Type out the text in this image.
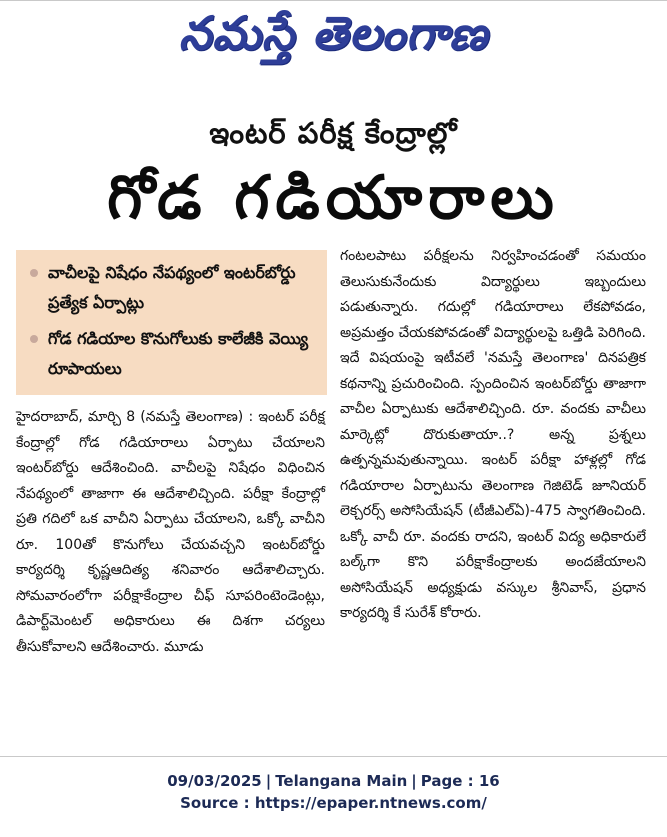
నమస్తే తెలంగాణ
ఇంటర్ పరీక్ష కేంద్రాల్లో
గోడ గడియారాలు
వాచీలపై నిషేధం నేపథ్యంలో ఇంటర్‌బోర్డు ప్రత్యేక ఏర్పాట్లు
గోడ గడియాల కొనుగోలుకు కాలేజీకి వెయ్యి రూపాయలు

హైదరాబాద్, మార్చి 8 (నమస్తే తెలంగాణ) : ఇంటర్ పరీక్ష కేంద్రాల్లో గోడ గడియారాలు ఏర్పాటు చేయాలని ఇంటర్‌బోర్డు ఆదేశించింది. వాచీలపై నిషేధం విధించిన నేపథ్యంలో తాజాగా ఈ ఆదేశాలిచ్చింది. పరీక్షా కేంద్రాల్లో ప్రతి గదిలో ఒక వాచీని ఏర్పాటు చేయాలని, ఒక్కో వాచీని రూ. 100తో కొనుగోలు చేయవచ్చని ఇంటర్‌బోర్డు కార్యదర్శి కృష్ణఆదిత్య శనివారం ఆదేశాలిచ్చారు. సోమవారంలోగా పరీక్షాకేంద్రాల చీఫ్ సూపరింటెండెంట్లు, డిపార్ట్‌మెంటల్ అధికారులు ఈ దిశగా చర్యలు తీసుకోవాలని ఆదేశించారు. మూడు

గంటలపాటు పరీక్షలను నిర్వహించడంతో సమయం తెలుసుకునేందుకు విద్యార్థులు ఇబ్బందులు పడుతున్నారు. గదుల్లో గడియారాలు లేకపోవడం, అప్రమత్తం చేయకపోవడంతో విద్యార్థులపై ఒత్తిడి పెరిగింది. ఇదే విషయంపై ఇటీవలే 'నమస్తే తెలంగాణ' దినపత్రిక కథనాన్ని ప్రచురించింది. స్పందించిన ఇంటర్‌బోర్డు తాజాగా వాచీల ఏర్పాటుకు ఆదేశాలిచ్చింది. రూ. వందకు వాచీలు మార్కెట్లో దొరుకుతాయా..? అన్న ప్రశ్నలు ఉత్పన్నమవుతున్నాయి. ఇంటర్ పరీక్షా హాళ్లల్లో గోడ గడియారాల ఏర్పాటును తెలంగాణ గెజిటెడ్ జూనియర్ లెక్చరర్స్ అసోసియేషన్ (టీజీఎల్‌ఏ)-475 స్వాగతించింది. ఒక్కో వాచీ రూ. వందకు రాదని, ఇంటర్ విద్య అధికారులే బల్క్‌గా కొని పరీక్షాకేంద్రాలకు అందజేయాలని అసోసియేషన్ అధ్యక్షుడు వస్కుల శ్రీనివాస్, ప్రధాన కార్యదర్శి కే సురేశ్ కోరారు.

09/03/2025 | Telangana Main | Page : 16
Source : https://epaper.ntnews.com/
